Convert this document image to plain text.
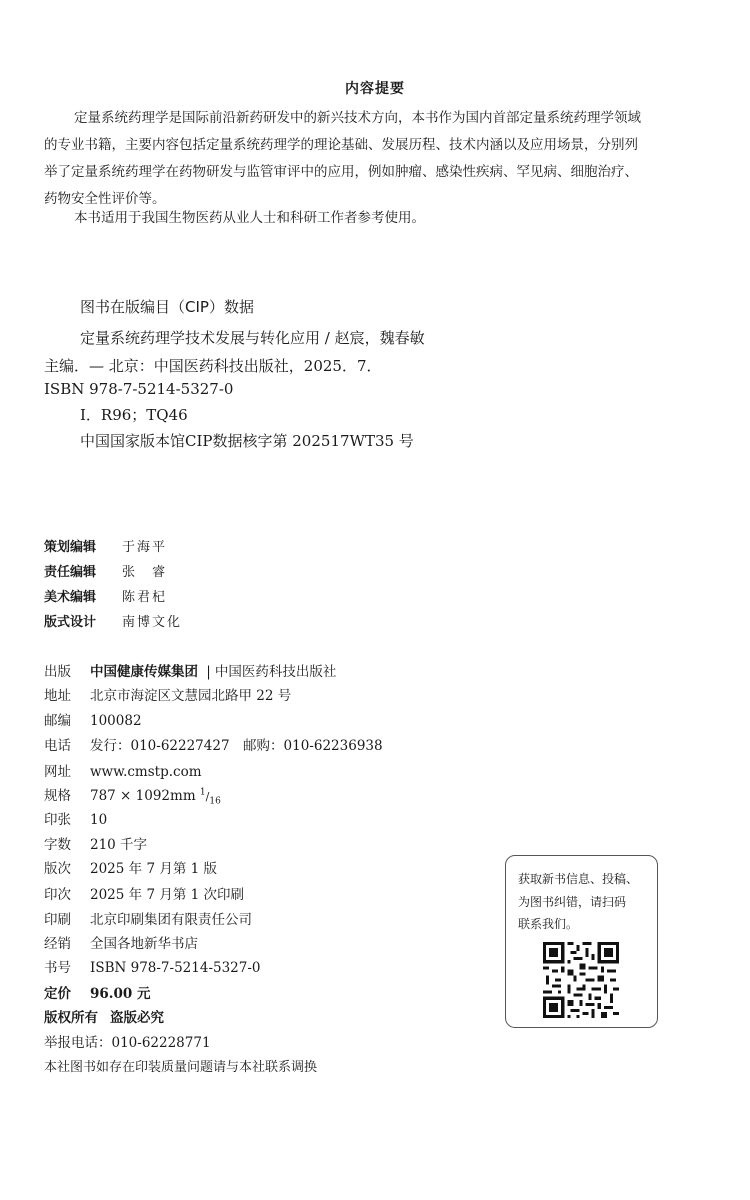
内容提要
定量系统药理学是国际前沿新药研发中的新兴技术方向，本书作为国内首部定量系统药理学领域
的专业书籍，主要内容包括定量系统药理学的理论基础、发展历程、技术内涵以及应用场景，分别列
举了定量系统药理学在药物研发与监管审评中的应用，例如肿瘤、感染性疾病、罕见病、细胞治疗、
药物安全性评价等。
本书适用于我国生物医药从业人士和科研工作者参考使用。
图书在版编目（CIP）数据
定量系统药理学技术发展与转化应用 / 赵宸，魏春敏
主编．— 北京：中国医药科技出版社，2025．7．
ISBN 978-7-5214-5327-0
Ⅰ．R96；TQ46
中国国家版本馆CIP数据核字第 202517WT35 号
策划编辑 于海平
责任编辑 张　睿
美术编辑 陈君杞
版式设计 南博文化
出版 中国健康传媒集团 | 中国医药科技出版社
地址 北京市海淀区文慧园北路甲 22 号
邮编 100082
电话 发行：010-62227427　邮购：010-62236938
网址 www.cmstp.com
规格 787 × 1092mm $^1/_{16}$
印张 10
字数 210 千字
版次 2025 年 7 月第 1 版
印次 2025 年 7 月第 1 次印刷
印刷 北京印刷集团有限责任公司
经销 全国各地新华书店
书号 ISBN 978-7-5214-5327-0
定价 96.00 元
版权所有 盗版必究
举报电话：010-62228771
本社图书如存在印装质量问题请与本社联系调换
获取新书信息、投稿、
为图书纠错，请扫码
联系我们。
